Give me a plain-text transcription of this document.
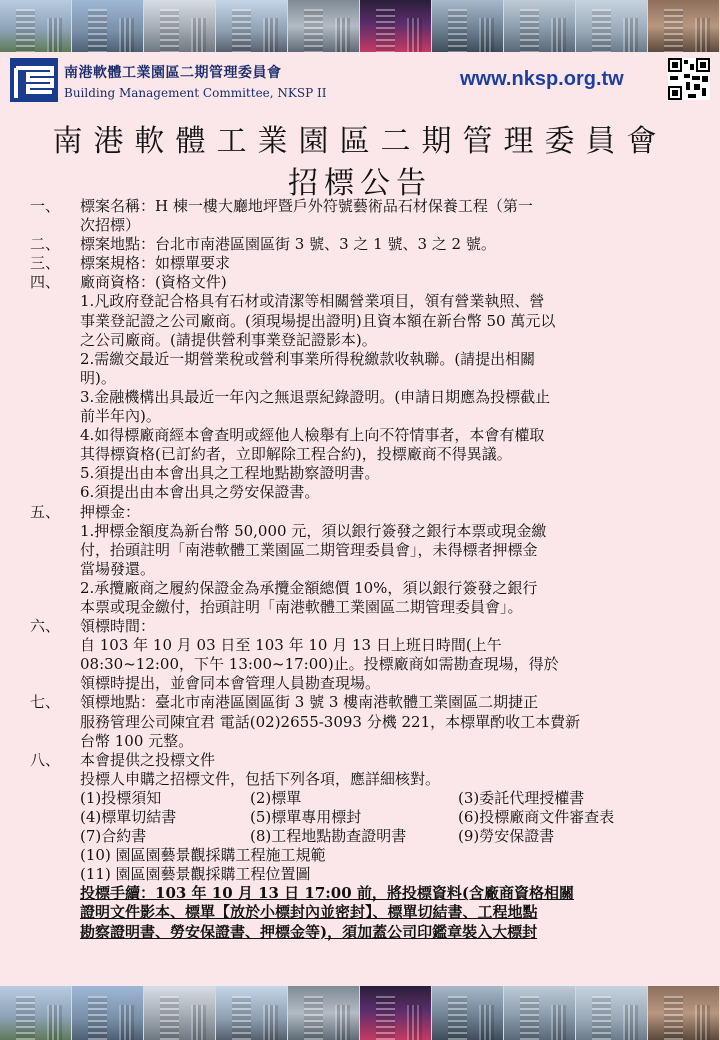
南港軟體工業園區二期管理委員會
Building Management Committee, NKSP II
www.nksp.org.tw
南港軟體工業園區二期管理委員會
招標公告
一、	標案名稱：H 棟一樓大廳地坪暨戶外符號藝術品石材保養工程（第一
次招標）
二、	標案地點：台北市南港區園區街 3 號、3 之 1 號、3 之 2 號。
三、	標案規格：如標單要求
四、	廠商資格：(資格文件)
1.凡政府登記合格具有石材或清潔等相關營業項目，領有營業執照、營
事業登記證之公司廠商。(須現場提出證明)且資本額在新台幣 50 萬元以
之公司廠商。(請提供營利事業登記證影本)。
2.需繳交最近一期營業稅或營利事業所得稅繳款收執聯。(請提出相關
明)。
3.金融機構出具最近一年內之無退票紀錄證明。(申請日期應為投標截止
前半年內)。
4.如得標廠商經本會查明或經他人檢舉有上向不符情事者，本會有權取
其得標資格(已訂約者，立即解除工程合約)，投標廠商不得異議。
5.須提出由本會出具之工程地點勘察證明書。
6.須提出由本會出具之勞安保證書。
五、	押標金：
1.押標金額度為新台幣 50,000 元，須以銀行簽發之銀行本票或現金繳
付，抬頭註明「南港軟體工業園區二期管理委員會」，未得標者押標金
當場發還。
2.承攬廠商之履約保證金為承攬金額總價 10%，須以銀行簽發之銀行
本票或現金繳付，抬頭註明「南港軟體工業園區二期管理委員會」。
六、	領標時間：
自 103 年 10 月 03 日至 103 年 10 月 13 日上班日時間(上午
08:30~12:00，下午 13:00~17:00)止。投標廠商如需勘查現場，得於
領標時提出，並會同本會管理人員勘查現場。
七、	領標地點：臺北市南港區園區街 3 號 3 樓南港軟體工業園區二期捷正
服務管理公司陳宜君 電話(02)2655-3093 分機 221，本標單酌收工本費新
台幣 100 元整。
八、	本會提供之投標文件
投標人申購之招標文件，包括下列各項，應詳細核對。
(1)投標須知	(2)標單	(3)委託代理授權書
(4)標單切結書	(5)標單專用標封	(6)投標廠商文件審查表
(7)合約書	(8)工程地點勘查證明書	(9)勞安保證書
(10) 園區園藝景觀採購工程施工規範
(11) 園區園藝景觀採購工程位置圖
投標手續：103 年 10 月 13 日 17:00 前，將投標資料(含廠商資格相關
證明文件影本、標單【放於小標封內並密封】、標單切結書、工程地點
勘察證明書、勞安保證書、押標金等)，須加蓋公司印鑑章裝入大標封
